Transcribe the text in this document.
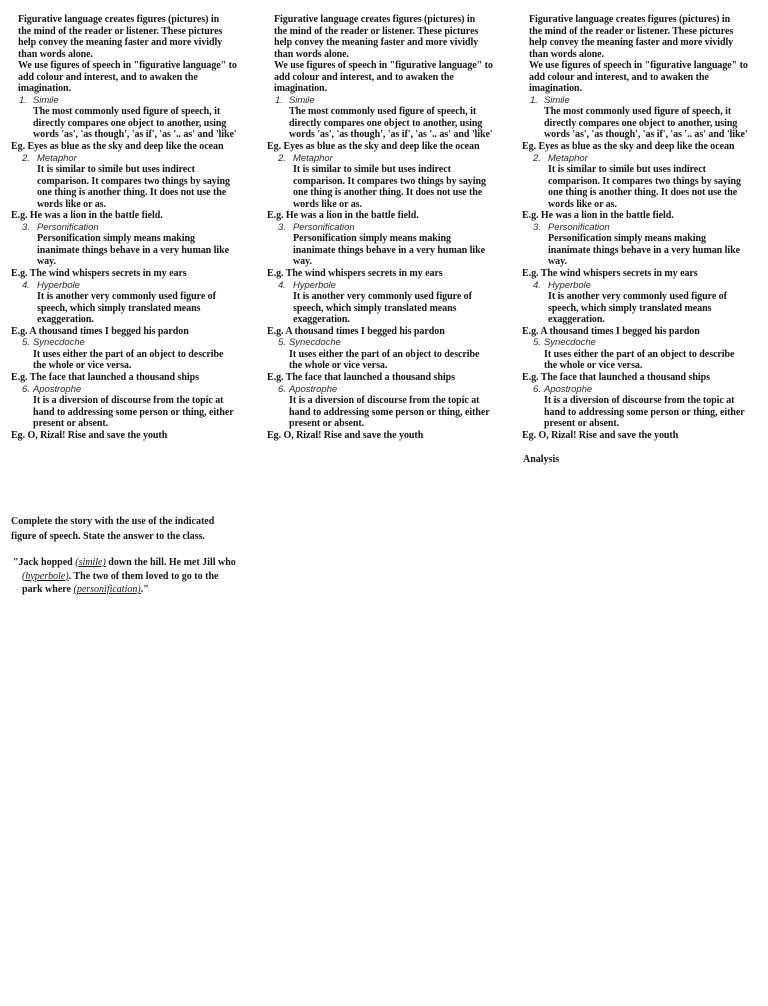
Figurative language creates figures (pictures) in
the mind of the reader or listener. These pictures
help convey the meaning faster and more vividly
than words alone.
We use figures of speech in "figurative language" to
add colour and interest, and to awaken the
imagination.
1. Simile
The most commonly used figure of speech, it
directly compares one object to another, using
words 'as', 'as though', 'as if', 'as '.. as' and 'like'
Eg. Eyes as blue as the sky and deep like the ocean
2. Metaphor
It is similar to simile but uses indirect
comparison. It compares two things by saying
one thing is another thing. It does not use the
words like or as.
E.g. He was a lion in the battle field.
3. Personification
Personification simply means making
inanimate things behave in a very human like
way.
E.g. The wind whispers secrets in my ears
4. Hyperbole
It is another very commonly used figure of
speech, which simply translated means
exaggeration.
E.g. A thousand times I begged his pardon
5. Synecdoche
It uses either the part of an object to describe
the whole or vice versa.
E.g. The face that launched a thousand ships
6. Apostrophe
It is a diversion of discourse from the topic at
hand to addressing some person or thing, either
present or absent.
Eg. O, Rizal! Rise and save the youth
Figurative language creates figures (pictures) in
the mind of the reader or listener. These pictures
help convey the meaning faster and more vividly
than words alone.
We use figures of speech in "figurative language" to
add colour and interest, and to awaken the
imagination.
1. Simile
The most commonly used figure of speech, it
directly compares one object to another, using
words 'as', 'as though', 'as if', 'as '.. as' and 'like'
Eg. Eyes as blue as the sky and deep like the ocean
2. Metaphor
It is similar to simile but uses indirect
comparison. It compares two things by saying
one thing is another thing. It does not use the
words like or as.
E.g. He was a lion in the battle field.
3. Personification
Personification simply means making
inanimate things behave in a very human like
way.
E.g. The wind whispers secrets in my ears
4. Hyperbole
It is another very commonly used figure of
speech, which simply translated means
exaggeration.
E.g. A thousand times I begged his pardon
5. Synecdoche
It uses either the part of an object to describe
the whole or vice versa.
E.g. The face that launched a thousand ships
6. Apostrophe
It is a diversion of discourse from the topic at
hand to addressing some person or thing, either
present or absent.
Eg. O, Rizal! Rise and save the youth
Figurative language creates figures (pictures) in
the mind of the reader or listener. These pictures
help convey the meaning faster and more vividly
than words alone.
We use figures of speech in "figurative language" to
add colour and interest, and to awaken the
imagination.
1. Simile
The most commonly used figure of speech, it
directly compares one object to another, using
words 'as', 'as though', 'as if', 'as '.. as' and 'like'
Eg. Eyes as blue as the sky and deep like the ocean
2. Metaphor
It is similar to simile but uses indirect
comparison. It compares two things by saying
one thing is another thing. It does not use the
words like or as.
E.g. He was a lion in the battle field.
3. Personification
Personification simply means making
inanimate things behave in a very human like
way.
E.g. The wind whispers secrets in my ears
4. Hyperbole
It is another very commonly used figure of
speech, which simply translated means
exaggeration.
E.g. A thousand times I begged his pardon
5. Synecdoche
It uses either the part of an object to describe
the whole or vice versa.
E.g. The face that launched a thousand ships
6. Apostrophe
It is a diversion of discourse from the topic at
hand to addressing some person or thing, either
present or absent.
Eg. O, Rizal! Rise and save the youth
Analysis
Complete the story with the use of the indicated
figure of speech. State the answer to the class.
"Jack hopped (simile) down the hill. He met Jill who
(hyperbole). The two of them loved to go to the
park where (personification)."
